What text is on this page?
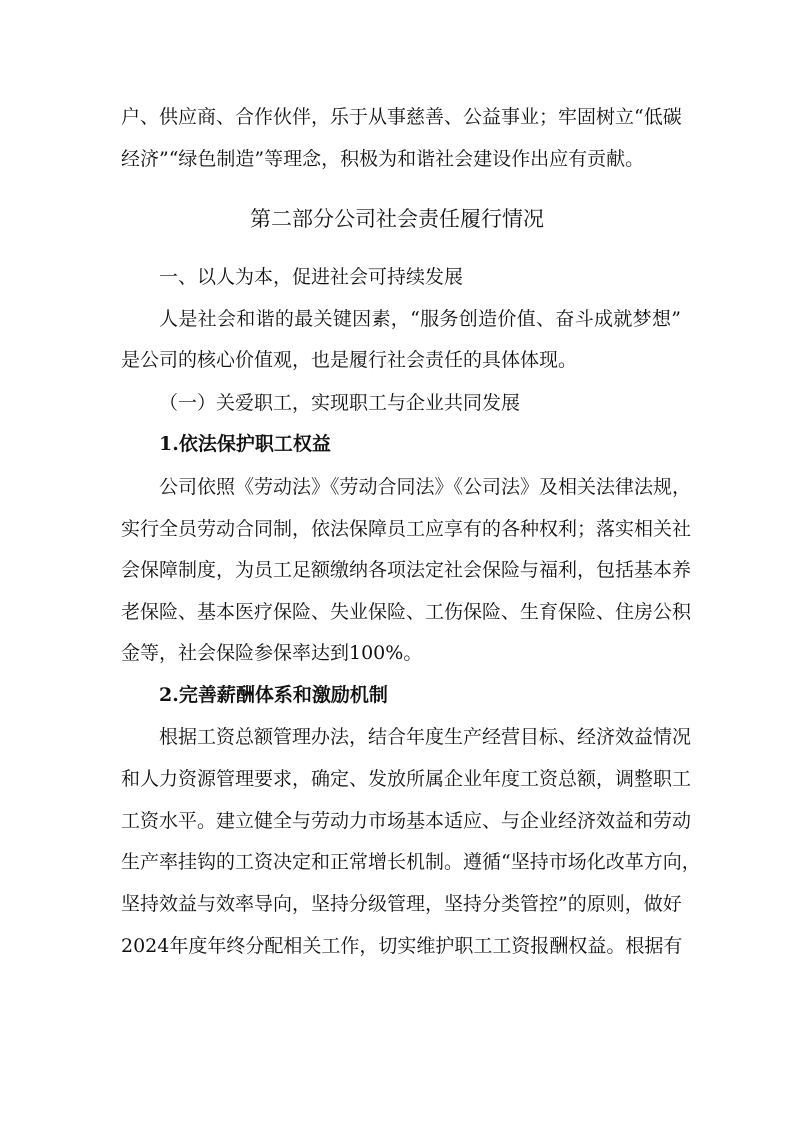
户、供应商、合作伙伴，乐于从事慈善、公益事业；牢固树立“低碳
经济”“绿色制造”等理念，积极为和谐社会建设作出应有贡献。
第二部分公司社会责任履行情况
一、以人为本，促进社会可持续发展
人是社会和谐的最关键因素，“服务创造价值、奋斗成就梦想”
是公司的核心价值观，也是履行社会责任的具体体现。
（一）关爱职工，实现职工与企业共同发展
1.依法保护职工权益
公司依照《劳动法》《劳动合同法》《公司法》及相关法律法规，
实行全员劳动合同制，依法保障员工应享有的各种权利；落实相关社
会保障制度，为员工足额缴纳各项法定社会保险与福利，包括基本养
老保险、基本医疗保险、失业保险、工伤保险、生育保险、住房公积
金等，社会保险参保率达到100%。
2.完善薪酬体系和激励机制
根据工资总额管理办法，结合年度生产经营目标、经济效益情况
和人力资源管理要求，确定、发放所属企业年度工资总额，调整职工
工资水平。建立健全与劳动力市场基本适应、与企业经济效益和劳动
生产率挂钩的工资决定和正常增长机制。遵循“坚持市场化改革方向，
坚持效益与效率导向，坚持分级管理，坚持分类管控”的原则，做好
2024年度年终分配相关工作，切实维护职工工资报酬权益。根据有
